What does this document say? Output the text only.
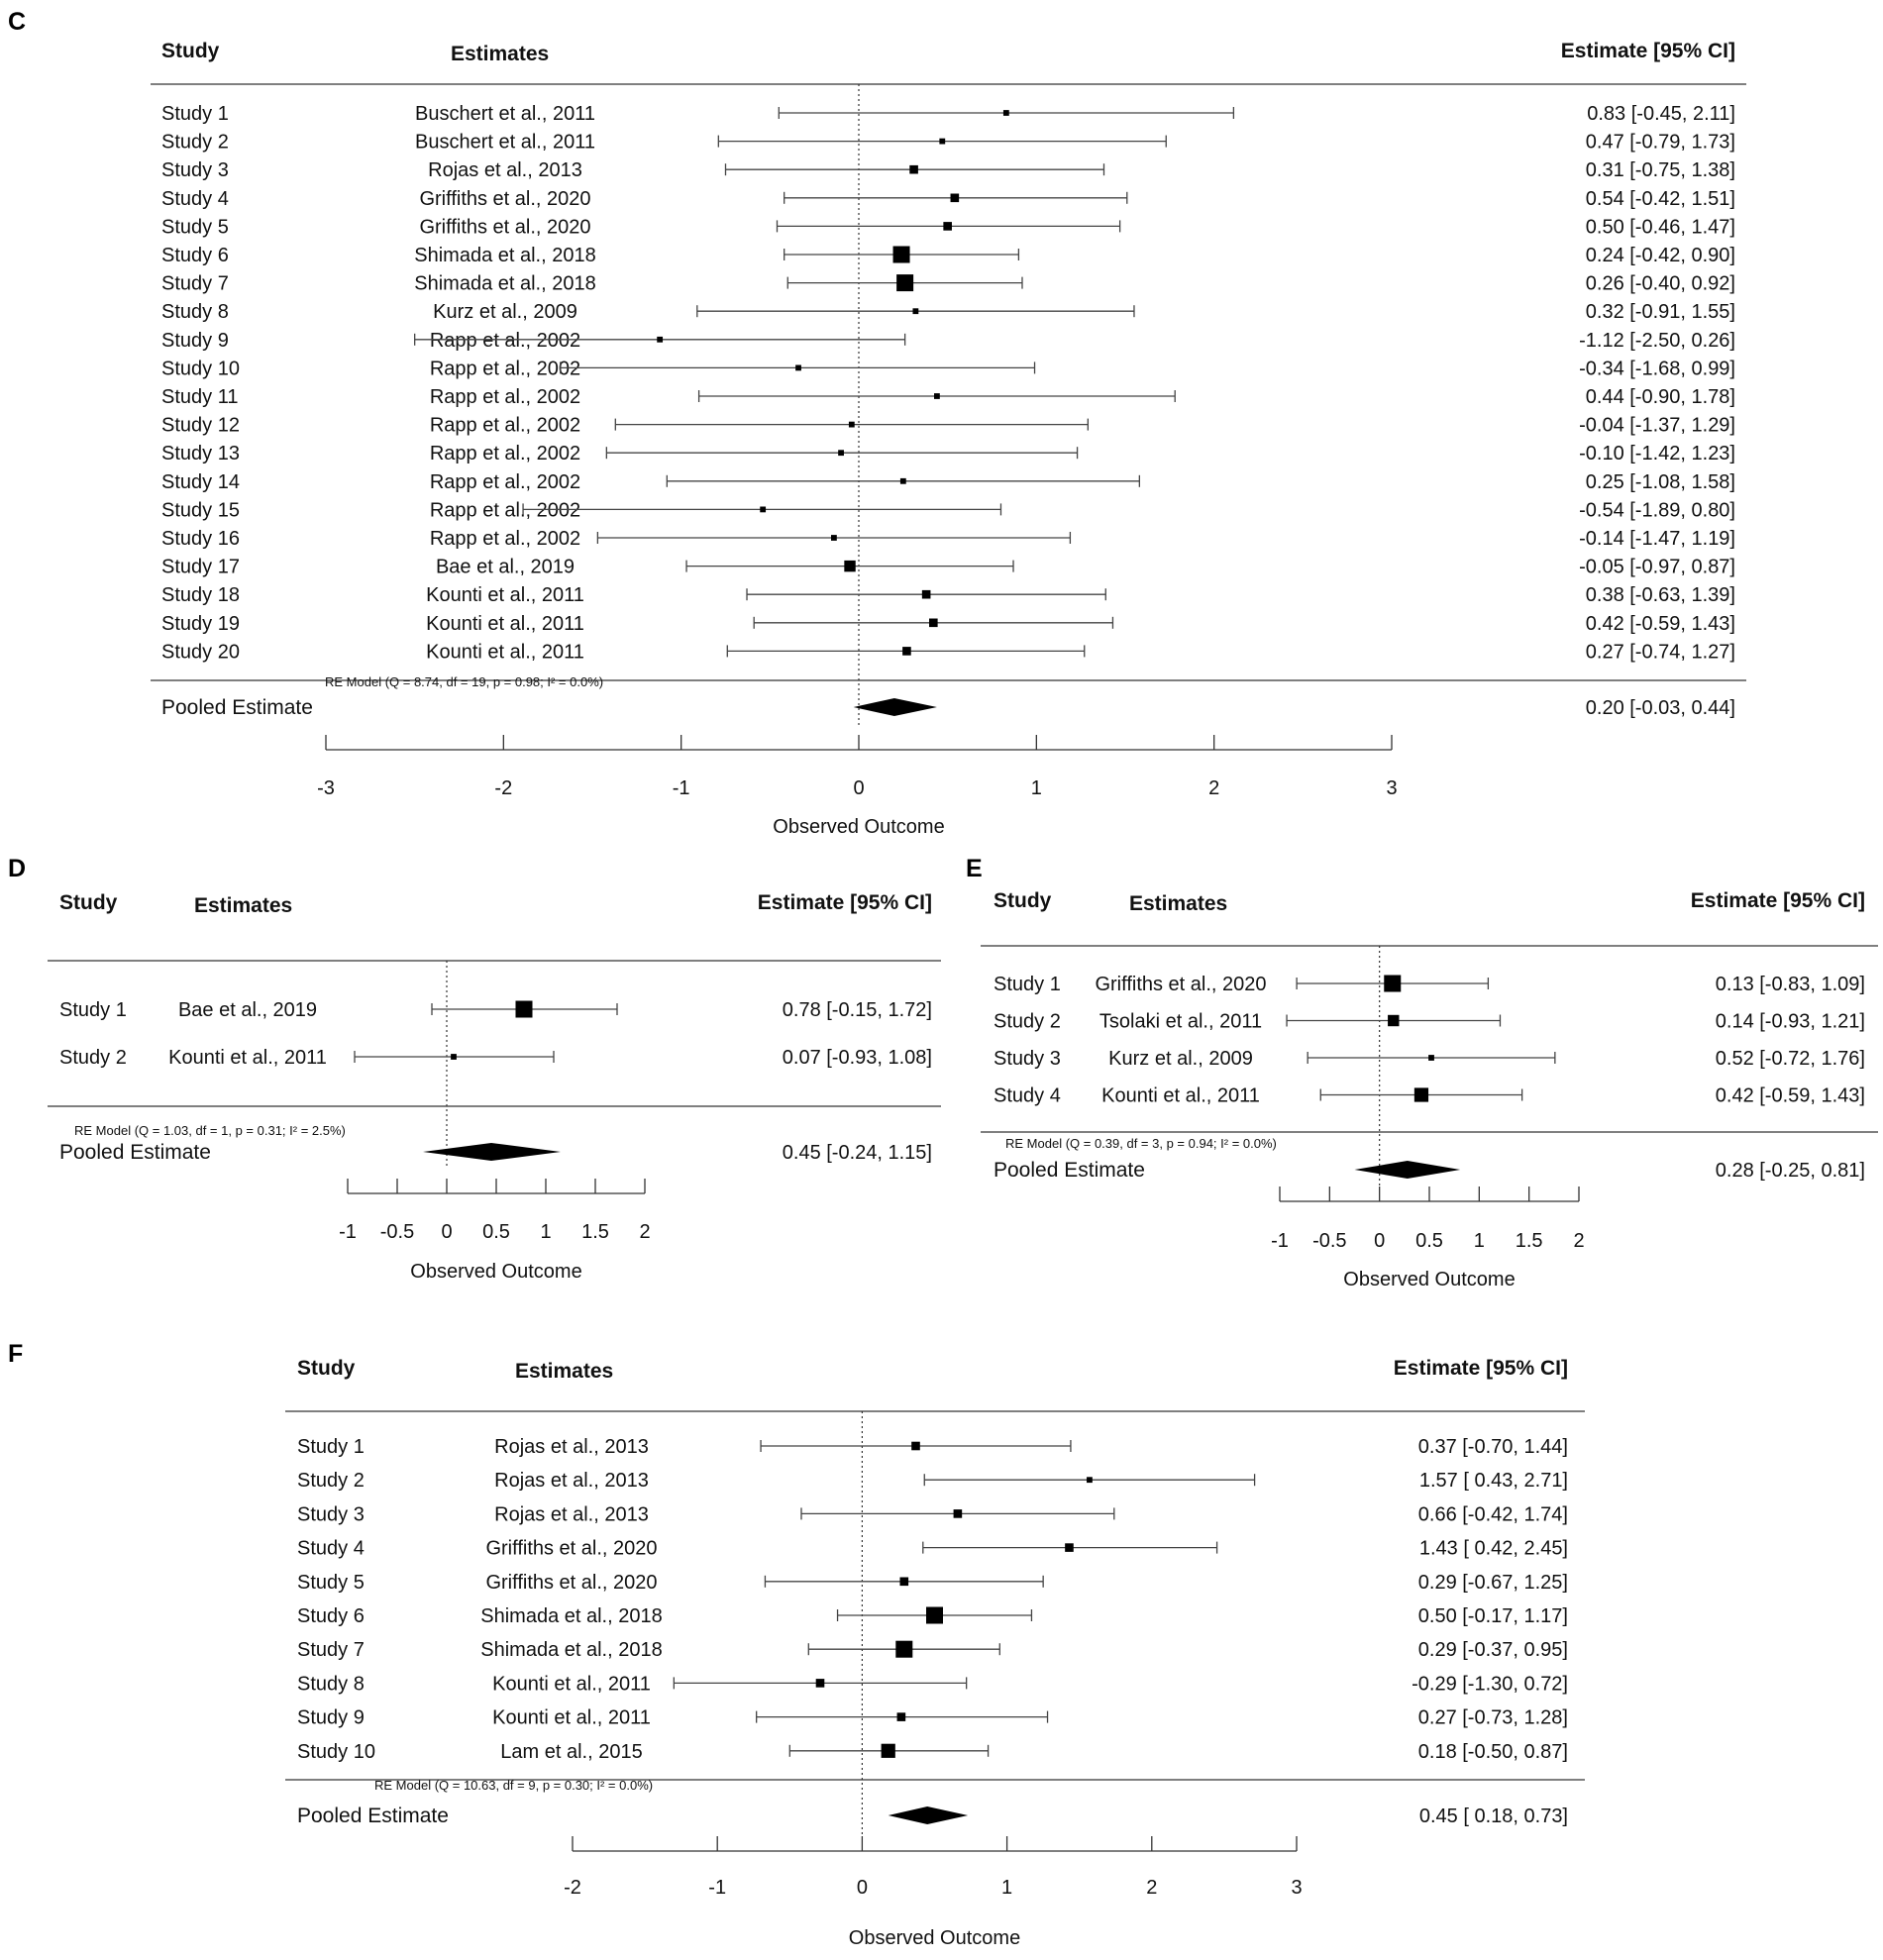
C
Study	Estimates	Estimate [95% CI]
Study 1	Buschert et al., 2011	0.83 [-0.45, 2.11]
Study 2	Buschert et al., 2011	0.47 [-0.79, 1.73]
Study 3	Rojas et al., 2013	0.31 [-0.75, 1.38]
Study 4	Griffiths et al., 2020	0.54 [-0.42, 1.51]
Study 5	Griffiths et al., 2020	0.50 [-0.46, 1.47]
Study 6	Shimada et al., 2018	0.24 [-0.42, 0.90]
Study 7	Shimada et al., 2018	0.26 [-0.40, 0.92]
Study 8	Kurz et al., 2009	0.32 [-0.91, 1.55]
Study 9	Rapp et al., 2002	-1.12 [-2.50, 0.26]
Study 10	Rapp et al., 2002	-0.34 [-1.68, 0.99]
Study 11	Rapp et al., 2002	0.44 [-0.90, 1.78]
Study 12	Rapp et al., 2002	-0.04 [-1.37, 1.29]
Study 13	Rapp et al., 2002	-0.10 [-1.42, 1.23]
Study 14	Rapp et al., 2002	0.25 [-1.08, 1.58]
Study 15	Rapp et al., 2002	-0.54 [-1.89, 0.80]
Study 16	Rapp et al., 2002	-0.14 [-1.47, 1.19]
Study 17	Bae et al., 2019	-0.05 [-0.97, 0.87]
Study 18	Kounti et al., 2011	0.38 [-0.63, 1.39]
Study 19	Kounti et al., 2011	0.42 [-0.59, 1.43]
Study 20	Kounti et al., 2011	0.27 [-0.74, 1.27]
RE Model (Q = 8.74, df = 19, p = 0.98; I² = 0.0%)
Pooled Estimate	0.20 [-0.03, 0.44]
-3	-2	-1	0	1	2	3
Observed Outcome
D
Study	Estimates	Estimate [95% CI]
Study 1	Bae et al., 2019	0.78 [-0.15, 1.72]
Study 2 Kounti et al., 2011	0.07 [-0.93, 1.08]
RE Model (Q = 1.03, df = 1, p = 0.31; I² = 2.5%)
Pooled Estimate	0.45 [-0.24, 1.15]
-1 -0.5 0 0.5 1 1.5 2
Observed Outcome
E
Study	Estimates	Estimate [95% CI]
Study 1 Griffiths et al., 2020	0.13 [-0.83, 1.09]
Study 2 Tsolaki et al., 2011	0.14 [-0.93, 1.21]
Study 3 Kurz et al., 2009	0.52 [-0.72, 1.76]
Study 4 Kounti et al., 2011	0.42 [-0.59, 1.43]
RE Model (Q = 0.39, df = 3, p = 0.94; I² = 0.0%)
Pooled Estimate	0.28 [-0.25, 0.81]
-1 -0.5 0 0.5 1 1.5 2
Observed Outcome
F
Study	Estimates	Estimate [95% CI]
Study 1	Rojas et al., 2013	0.37 [-0.70, 1.44]
Study 2	Rojas et al., 2013	1.57 [ 0.43, 2.71]
Study 3	Rojas et al., 2013	0.66 [-0.42, 1.74]
Study 4	Griffiths et al., 2020	1.43 [ 0.42, 2.45]
Study 5	Griffiths et al., 2020	0.29 [-0.67, 1.25]
Study 6	Shimada et al., 2018	0.50 [-0.17, 1.17]
Study 7	Shimada et al., 2018	0.29 [-0.37, 0.95]
Study 8	Kounti et al., 2011	-0.29 [-1.30, 0.72]
Study 9	Kounti et al., 2011	0.27 [-0.73, 1.28]
Study 10	Lam et al., 2015	0.18 [-0.50, 0.87]
RE Model (Q = 10.63, df = 9, p = 0.30; I² = 0.0%)
Pooled Estimate	0.45 [ 0.18, 0.73]
-2	-1	0	1	2	3
Observed Outcome
